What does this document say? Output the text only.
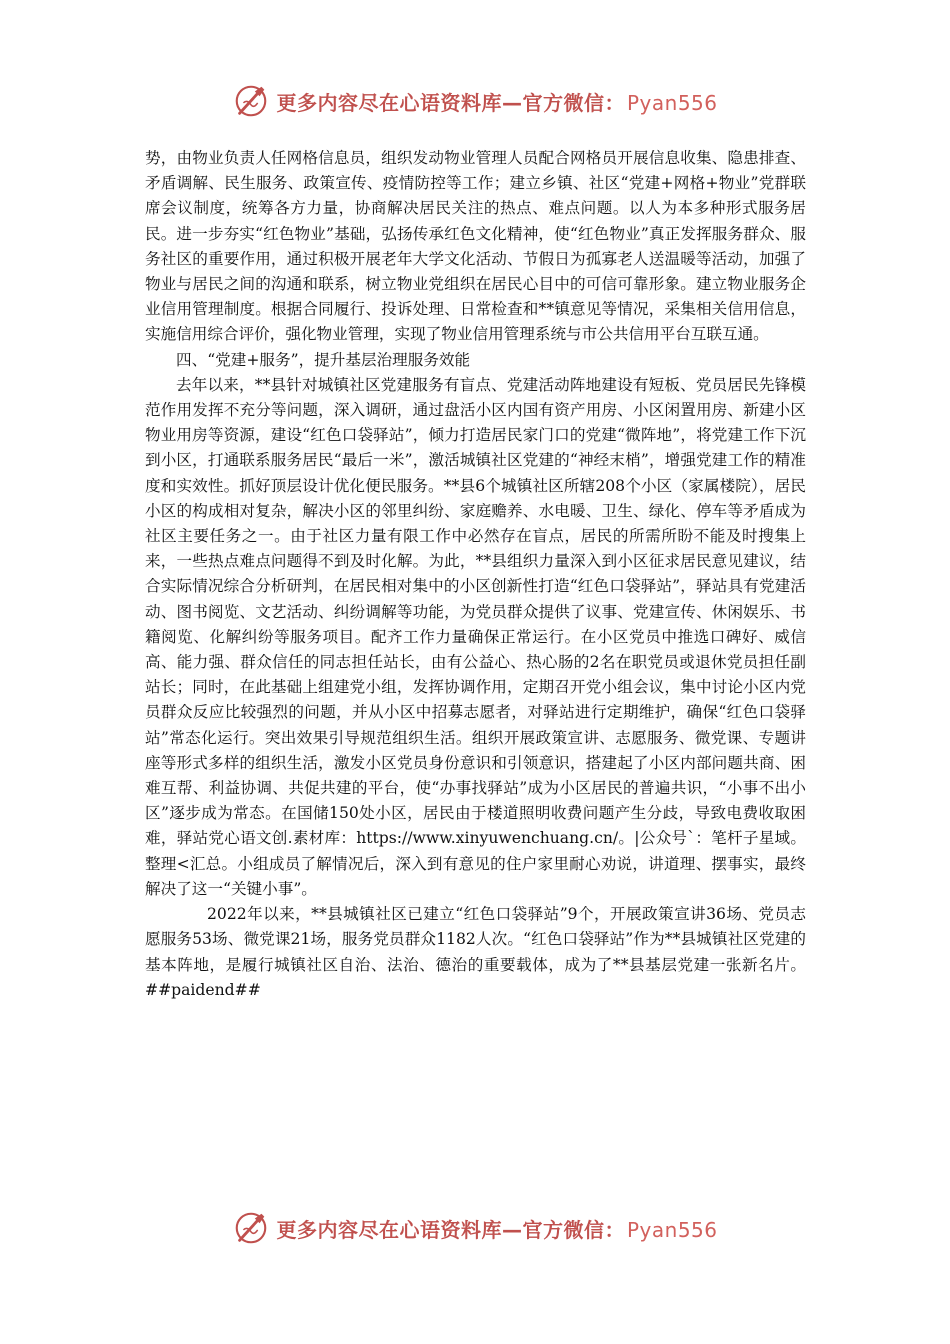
更多内容尽在心语资料库—官方微信： Pyan556

势，由物业负责人任网格信息员，组织发动物业管理人员配合网格员开展信息收集、隐患排查、矛盾调解、民生服务、政策宣传、疫情防控等工作；建立乡镇、社区“党建+网格+物业”党群联席会议制度，统筹各方力量，协商解决居民关注的热点、难点问题。以人为本多种形式服务居民。进一步夯实“红色物业”基础，弘扬传承红色文化精神，使“红色物业”真正发挥服务群众、服务社区的重要作用，通过积极开展老年大学文化活动、节假日为孤寡老人送温暖等活动，加强了物业与居民之间的沟通和联系，树立物业党组织在居民心目中的可信可靠形象。建立物业服务企业信用管理制度。根据合同履行、投诉处理、日常检查和**镇意见等情况，采集相关信用信息，实施信用综合评价，强化物业管理，实现了物业信用管理系统与市公共信用平台互联互通。

四、“党建+服务”，提升基层治理服务效能

去年以来，**县针对城镇社区党建服务有盲点、党建活动阵地建设有短板、党员居民先锋模范作用发挥不充分等问题，深入调研，通过盘活小区内国有资产用房、小区闲置用房、新建小区物业用房等资源，建设“红色口袋驿站”，倾力打造居民家门口的党建“微阵地”，将党建工作下沉到小区，打通联系服务居民“最后一米”，激活城镇社区党建的“神经末梢”，增强党建工作的精准度和实效性。抓好顶层设计优化便民服务。**县6个城镇社区所辖208个小区（家属楼院），居民小区的构成相对复杂，解决小区的邻里纠纷、家庭赡养、水电暖、卫生、绿化、停车等矛盾成为社区主要任务之一。由于社区力量有限工作中必然存在盲点，居民的所需所盼不能及时搜集上来，一些热点难点问题得不到及时化解。为此，**县组织力量深入到小区征求居民意见建议，结合实际情况综合分析研判，在居民相对集中的小区创新性打造“红色口袋驿站”，驿站具有党建活动、图书阅览、文艺活动、纠纷调解等功能，为党员群众提供了议事、党建宣传、休闲娱乐、书籍阅览、化解纠纷等服务项目。配齐工作力量确保正常运行。在小区党员中推选口碑好、威信高、能力强、群众信任的同志担任站长，由有公益心、热心肠的2名在职党员或退休党员担任副站长；同时，在此基础上组建党小组，发挥协调作用，定期召开党小组会议，集中讨论小区内党员群众反应比较强烈的问题，并从小区中招募志愿者，对驿站进行定期维护，确保“红色口袋驿站”常态化运行。突出效果引导规范组织生活。组织开展政策宣讲、志愿服务、微党课、专题讲座等形式多样的组织生活，激发小区党员身份意识和引领意识，搭建起了小区内部问题共商、困难互帮、利益协调、共促共建的平台，使“办事找驿站”成为小区居民的普遍共识，“小事不出小区”逐步成为常态。在国储150处小区，居民由于楼道照明收费问题产生分歧，导致电费收取困难，驿站党心语文创.素材库：https://www.xinyuwenchuang.cn/。|公众号`：笔杆子星域。整理<汇总。小组成员了解情况后，深入到有意见的住户家里耐心劝说，讲道理、摆事实，最终解决了这一“关键小事”。

2022年以来，**县城镇社区已建立“红色口袋驿站”9个，开展政策宣讲36场、党员志愿服务53场、微党课21场，服务党员群众1182人次。“红色口袋驿站”作为**县城镇社区党建的基本阵地，是履行城镇社区自治、法治、德治的重要载体，成为了**县基层党建一张新名片。 ##paidend##

更多内容尽在心语资料库—官方微信： Pyan556
